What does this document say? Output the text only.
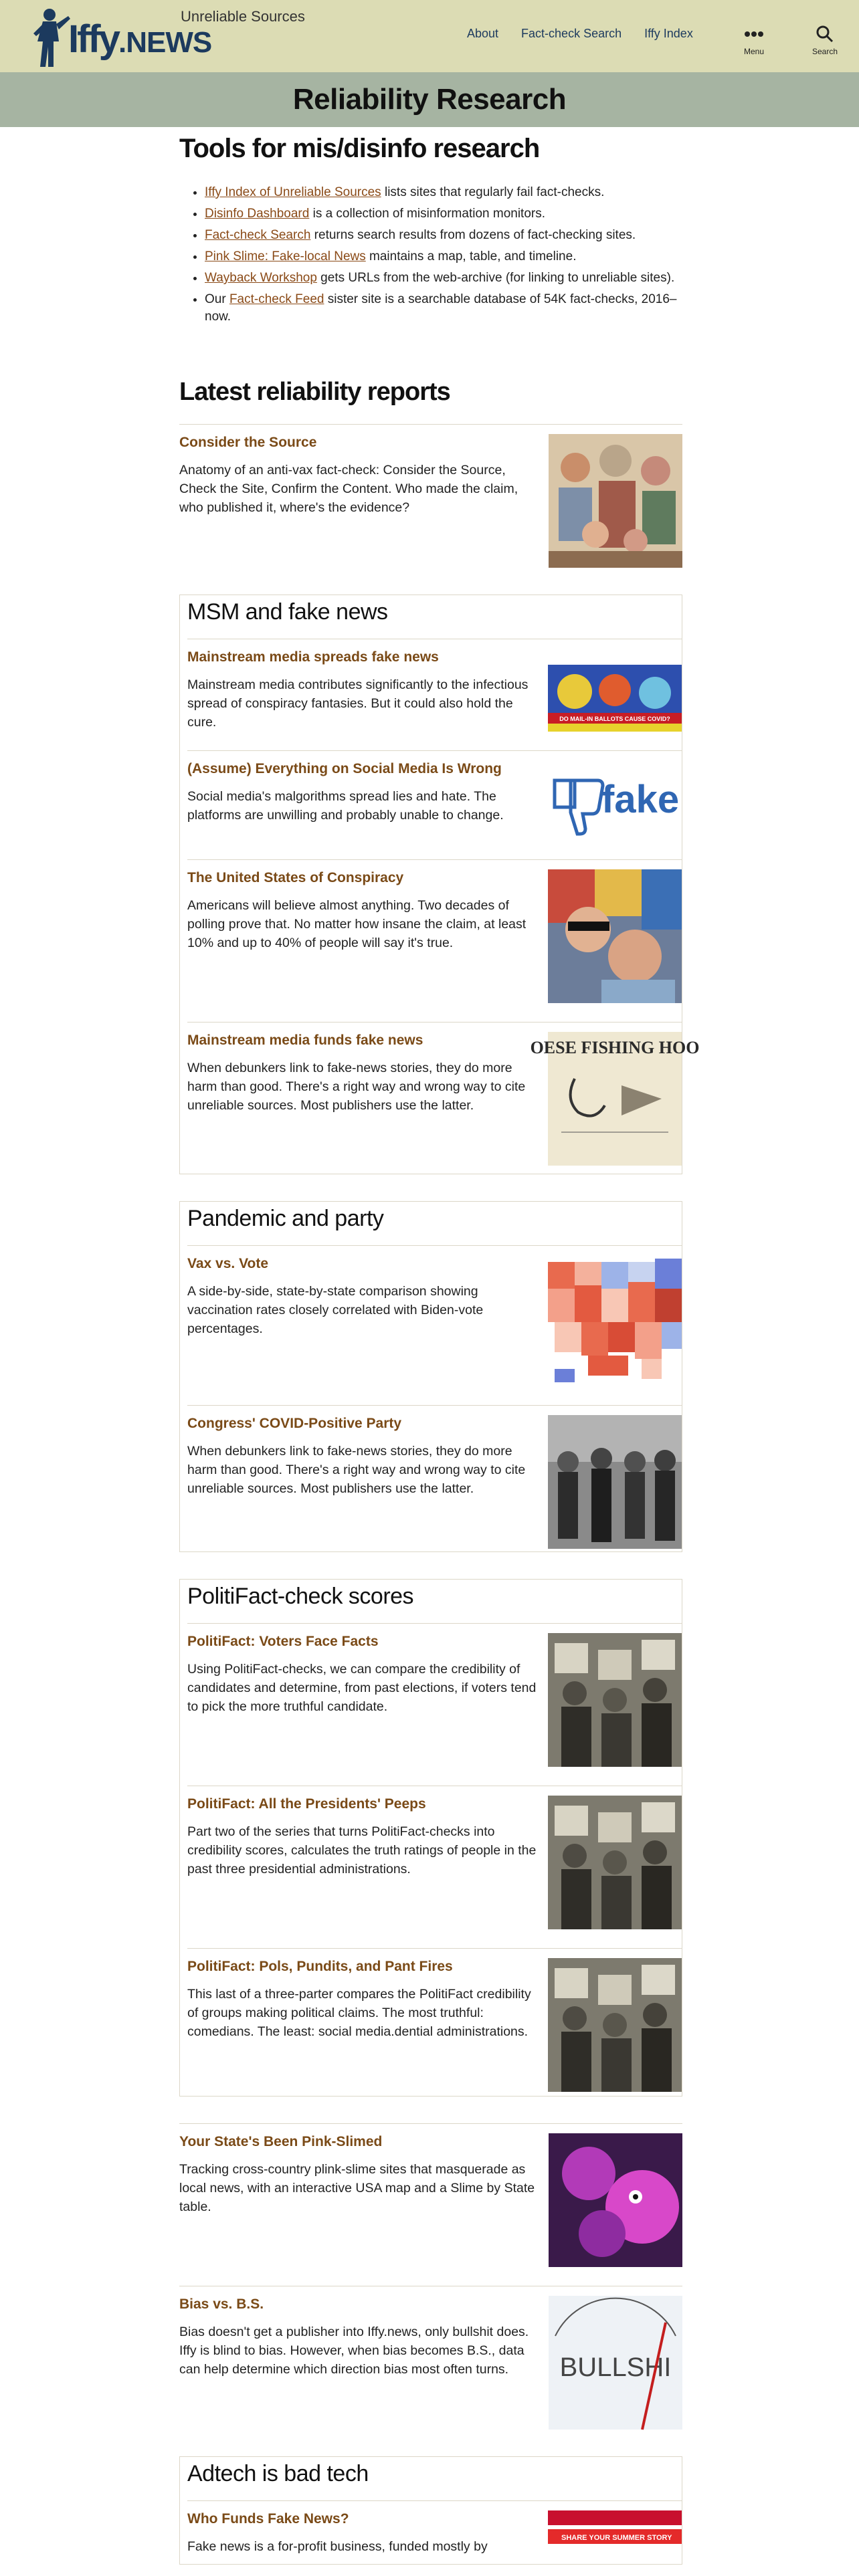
Iffy.NEWS
Unreliable Sources
About Fact-check Search Iffy Index
Menu	Search
Reliability Research
Tools for mis/disinfo research
• Iffy Index of Unreliable Sources lists sites that regularly fail fact-checks.
• Disinfo Dashboard is a collection of misinformation monitors.
• Fact-check Search returns search results from dozens of fact-checking sites.
• Pink Slime: Fake-local News maintains a map, table, and timeline.
• Wayback Workshop gets URLs from the web-archive (for linking to unreliable sites).
• Our Fact-check Feed sister site is a searchable database of 54K fact-checks, 2016–now.
Latest reliability reports
Consider the Source

Anatomy of an anti-vax fact-check: Consider the Source, Check the Site, Confirm the Content. Who made the claim, who published it, where's the evidence?

MSM and fake news
Mainstream media spreads fake news

Mainstream media contributes significantly to the infectious spread of conspiracy fantasies. But it could also hold the cure.	DO MAIL-IN BALLOTS CAUSE COVID?
(Assume) Everything on Social Media Is Wrong

Social media's malgorithms spread lies and hate. The platforms are unwilling and probably unable to change.	fake
The United States of Conspiracy

Americans will believe almost anything. Two decades of polling prove that. No matter how insane the claim, at least 10% and up to 40% of people will say it's true.

Mainstream media funds fake news

When debunkers link to fake-news stories, they do more harm than good. There's a right way and wrong way to cite unreliable sources. Most publishers use the latter.

OESE FISHING HOO
Pandemic and party
Vax vs. Vote

A side-by-side, state-by-state comparison showing vaccination rates closely correlated with Biden-vote percentages.

Congress' COVID-Positive Party

When debunkers link to fake-news stories, they do more harm than good. There's a right way and wrong way to cite unreliable sources. Most publishers use the latter.

PolitiFact-check scores
PolitiFact: Voters Face Facts

Using PolitiFact-checks, we can compare the credibility of candidates and determine, from past elections, if voters tend to pick the more truthful candidate.

PolitiFact: All the Presidents' Peeps

Part two of the series that turns PolitiFact-checks into credibility scores, calculates the truth ratings of people in the past three presidential administrations.

PolitiFact: Pols, Pundits, and Pant Fires

This last of a three-parter compares the PolitiFact credibility of groups making political claims. The most truthful: comedians. The least: social media.dential administrations.

Your State's Been Pink-Slimed

Tracking cross-country plink-slime sites that masquerade as local news, with an interactive USA map and a Slime by State table.

Bias vs. B.S.

Bias doesn't get a publisher into Iffy.news, only bullshit does. Iffy is blind to bias. However, when bias becomes B.S., data can help determine which direction bias most often turns.	BULLSHI
Adtech is bad tech
Who Funds Fake News?

Fake news is a for-profit business, funded mostly by

SHARE YOUR SUMMER STORY
